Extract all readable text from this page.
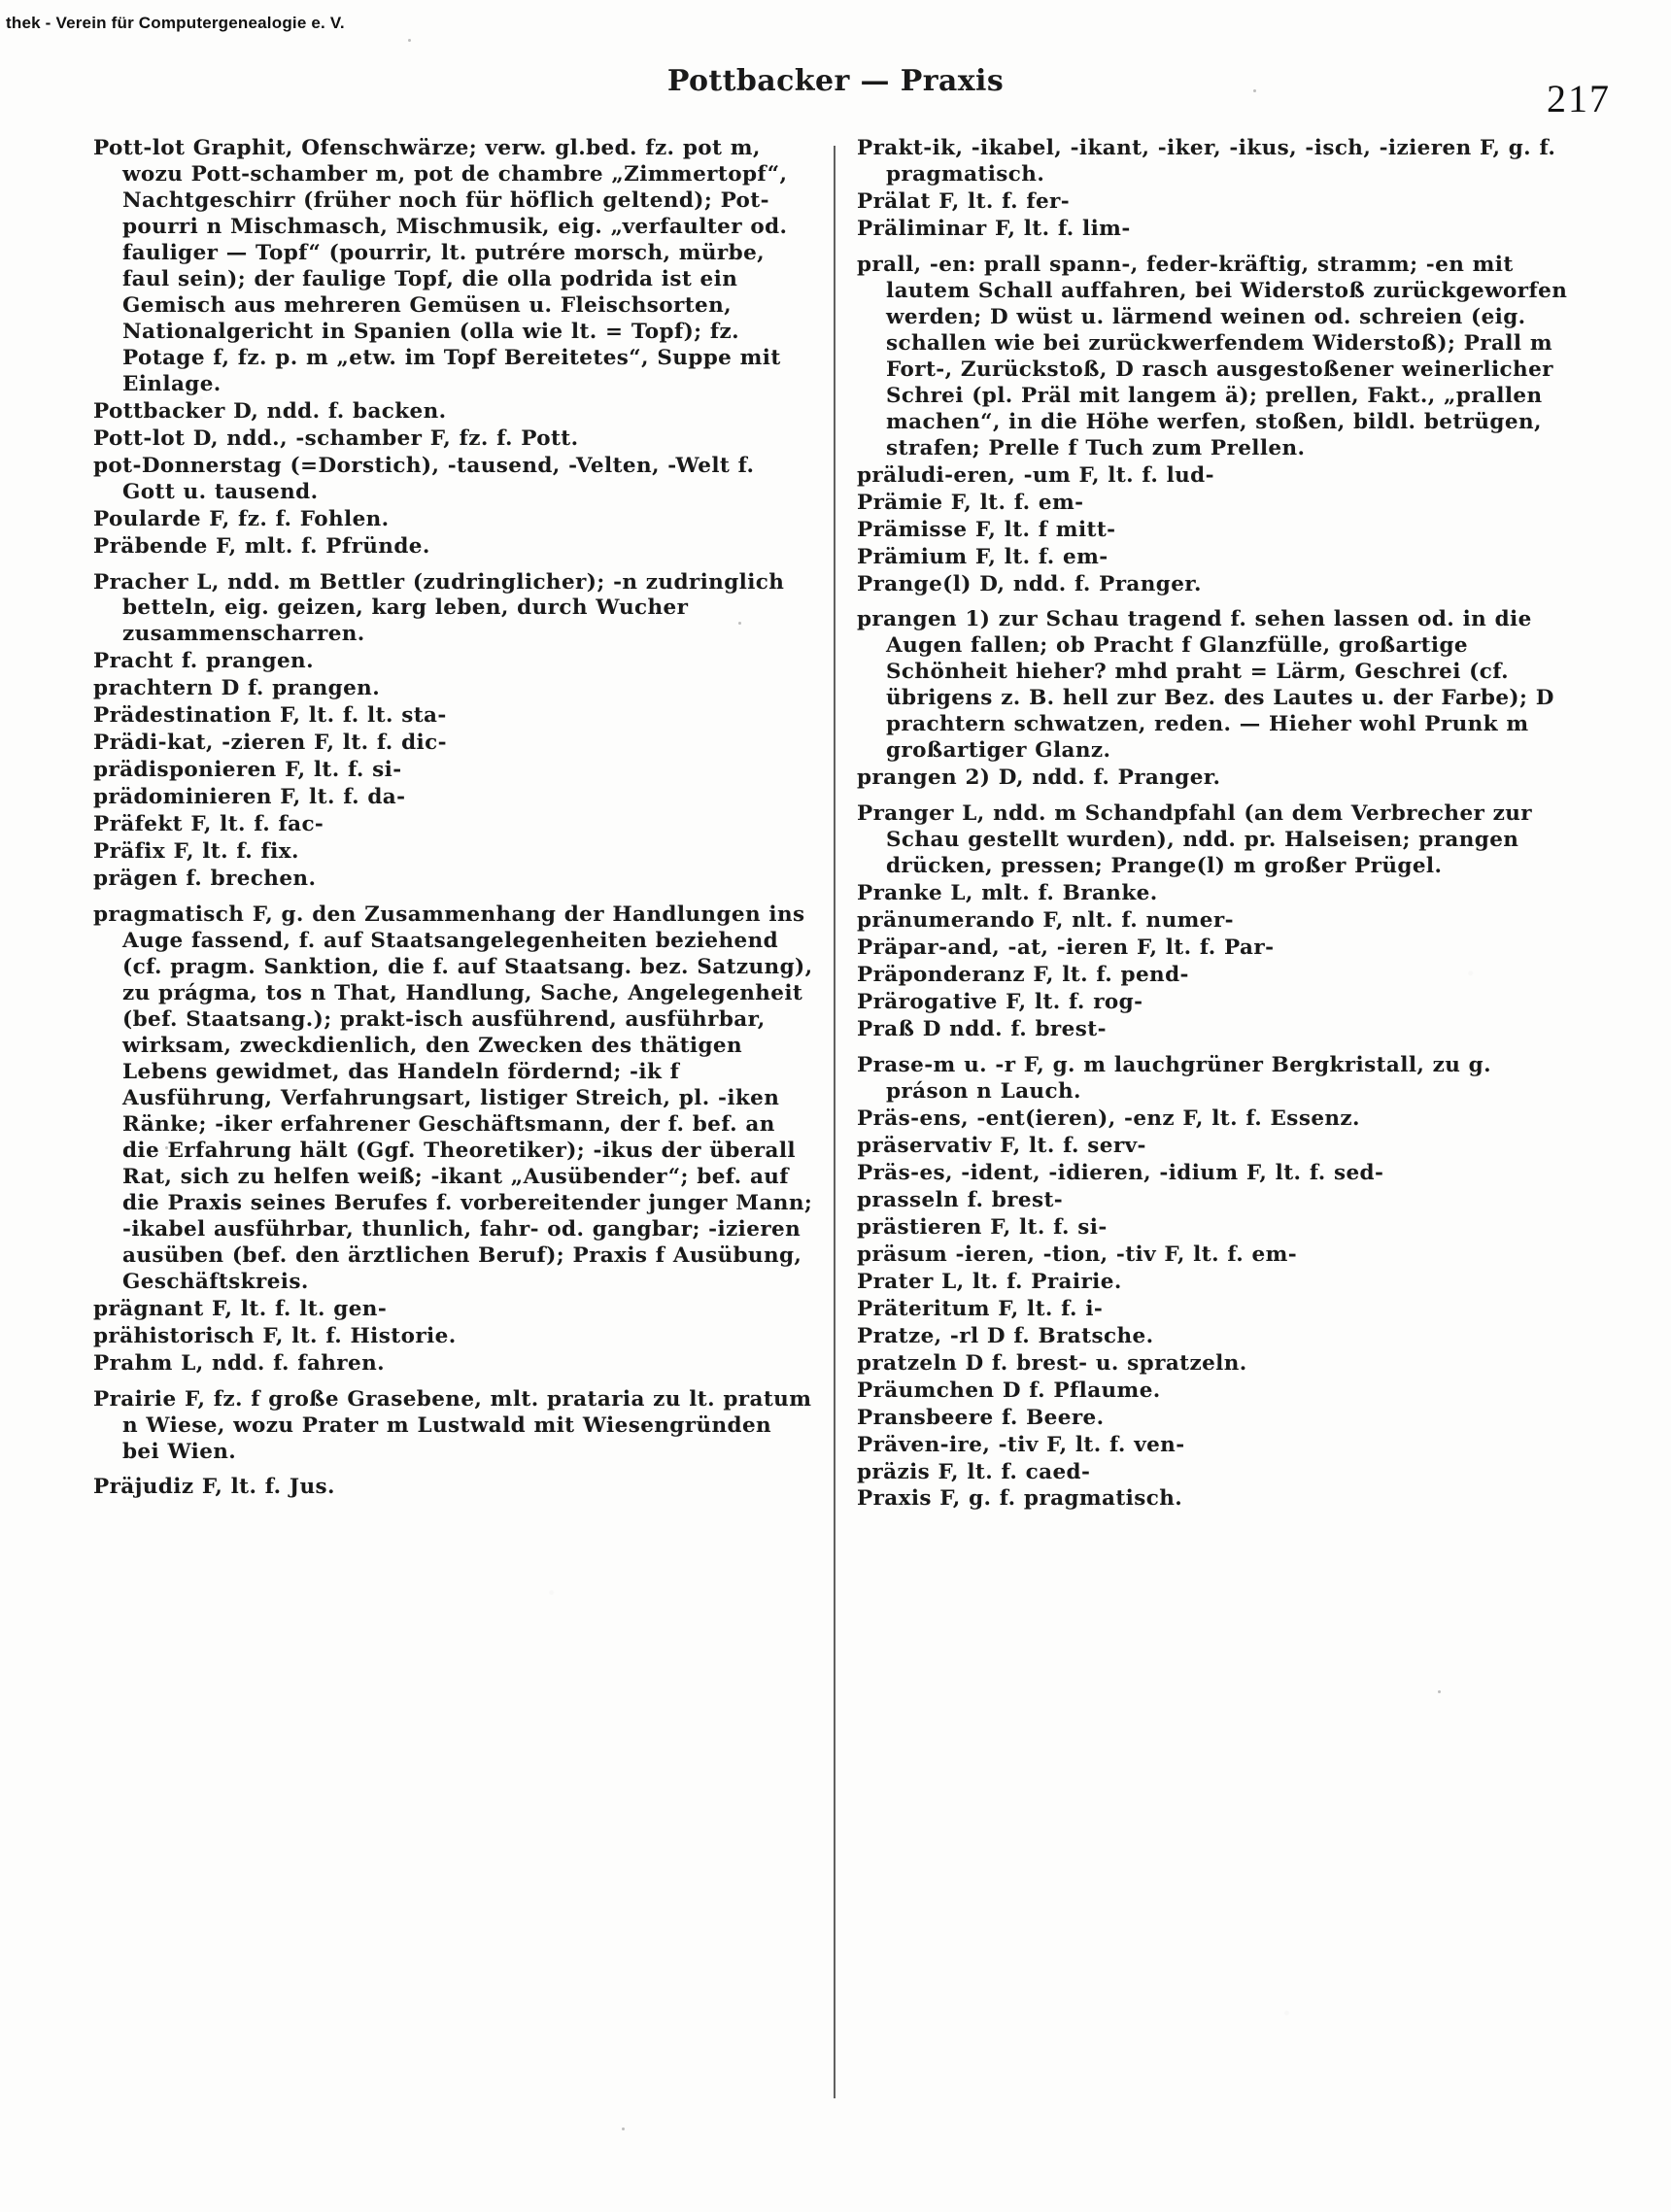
thek - Verein für Computergenealogie e. V.
Pottbacker — Praxis	217

Pott-lot Graphit, Ofenschwärze; verw. gl.bed. fz. pot m, wozu Pott-schamber m, pot de chambre „Zimmertopf“, Nachtgeschirr (früher noch für höflich geltend); Pot-pourri n Mischmasch, Mischmusik, eig. „verfaulter od. fauliger — Topf“ (pourrir, lt. putrére morsch, mürbe, faul sein); der faulige Topf, die olla podrida ist ein Gemisch aus mehreren Gemüsen u. Fleischsorten, Nationalgericht in Spanien (olla wie lt. = Topf); fz. Potage f, fz. p. m „etw. im Topf Bereitetes“, Suppe mit Einlage.

Pottbacker D, ndd. f. backen.

Pott-lot D, ndd., -schamber F, fz. f. Pott.

pot-Donnerstag (=Dorstich), -tausend, -Velten, -Welt f. Gott u. tausend.

Poularde F, fz. f. Fohlen.

Präbende F, mlt. f. Pfründe.

Pracher L, ndd. m Bettler (zudringlicher); -n zudringlich betteln, eig. geizen, karg leben, durch Wucher zusammenscharren.

Pracht f. prangen.

prachtern D f. prangen.

Prädestination F, lt. f. lt. sta-

Prädi-kat, -zieren F, lt. f. dic-

prädisponieren F, lt. f. si-

prädominieren F, lt. f. da-

Präfekt F, lt. f. fac-

Präfix F, lt. f. fix.

prägen f. brechen.

pragmatisch F, g. den Zusammenhang der Handlungen ins Auge fassend, f. auf Staatsangelegenheiten beziehend (cf. pragm. Sanktion, die f. auf Staatsang. bez. Satzung), zu prágma, tos n That, Handlung, Sache, Angelegenheit (bef. Staatsang.); prakt-isch ausführend, ausführbar, wirksam, zweckdienlich, den Zwecken des thätigen Lebens gewidmet, das Handeln fördernd; -ik f Ausführung, Verfahrungsart, listiger Streich, pl. -iken Ränke; -iker erfahrener Geschäftsmann, der f. bef. an die Erfahrung hält (Ggf. Theoretiker); -ikus der überall Rat, sich zu helfen weiß; -ikant „Ausübender“; bef. auf die Praxis seines Berufes f. vorbereitender junger Mann; -ikabel ausführbar, thunlich, fahr- od. gangbar; -izieren ausüben (bef. den ärztlichen Beruf); Praxis f Ausübung, Geschäftskreis.

prägnant F, lt. f. lt. gen-

prähistorisch F, lt. f. Historie.

Prahm L, ndd. f. fahren.

Prairie F, fz. f große Grasebene, mlt. prataria zu lt. pratum n Wiese, wozu Prater m Lustwald mit Wiesengründen bei Wien.

Präjudiz F, lt. f. Jus.

Prakt-ik, -ikabel, -ikant, -iker, -ikus, -isch, -izieren F, g. f. pragmatisch.

Prälat F, lt. f. fer-

Präliminar F, lt. f. lim-

prall, -en: prall spann-, feder-kräftig, stramm; -en mit lautem Schall auffahren, bei Widerstoß zurückgeworfen werden; D wüst u. lärmend weinen od. schreien (eig. schallen wie bei zurückwerfendem Widerstoß); Prall m Fort-, Zurückstoß, D rasch ausgestoßener weinerlicher Schrei (pl. Präl mit langem ä); prellen, Fakt., „prallen machen“, in die Höhe werfen, stoßen, bildl. betrügen, strafen; Prelle f Tuch zum Prellen.

präludi-eren, -um F, lt. f. lud-

Prämie F, lt. f. em-

Prämisse F, lt. f mitt-

Prämium F, lt. f. em-

Prange(l) D, ndd. f. Pranger.

prangen 1) zur Schau tragend f. sehen lassen od. in die Augen fallen; ob Pracht f Glanzfülle, großartige Schönheit hieher? mhd praht = Lärm, Geschrei (cf. übrigens z. B. hell zur Bez. des Lautes u. der Farbe); D prachtern schwatzen, reden. — Hieher wohl Prunk m großartiger Glanz.

prangen 2) D, ndd. f. Pranger.

Pranger L, ndd. m Schandpfahl (an dem Verbrecher zur Schau gestellt wurden), ndd. pr. Halseisen; prangen drücken, pressen; Prange(l) m großer Prügel.

Pranke L, mlt. f. Branke.

pränumerando F, nlt. f. numer-

Präpar-and, -at, -ieren F, lt. f. Par-

Präponderanz F, lt. f. pend-

Prärogative F, lt. f. rog-

Praß D ndd. f. brest-

Prase-m u. -r F, g. m lauchgrüner Bergkristall, zu g. práson n Lauch.

Präs-ens, -ent(ieren), -enz F, lt. f. Essenz.

präservativ F, lt. f. serv-

Präs-es, -ident, -idieren, -idium F, lt. f. sed-

prasseln f. brest-

prästieren F, lt. f. si-

präsum -ieren, -tion, -tiv F, lt. f. em-

Prater L, lt. f. Prairie.

Präteritum F, lt. f. i-

Pratze, -rl D f. Bratsche.

pratzeln D f. brest- u. spratzeln.

Präumchen D f. Pflaume.

Pransbeere f. Beere.

Präven-ire, -tiv F, lt. f. ven-

präzis F, lt. f. caed-

Praxis F, g. f. pragmatisch.
